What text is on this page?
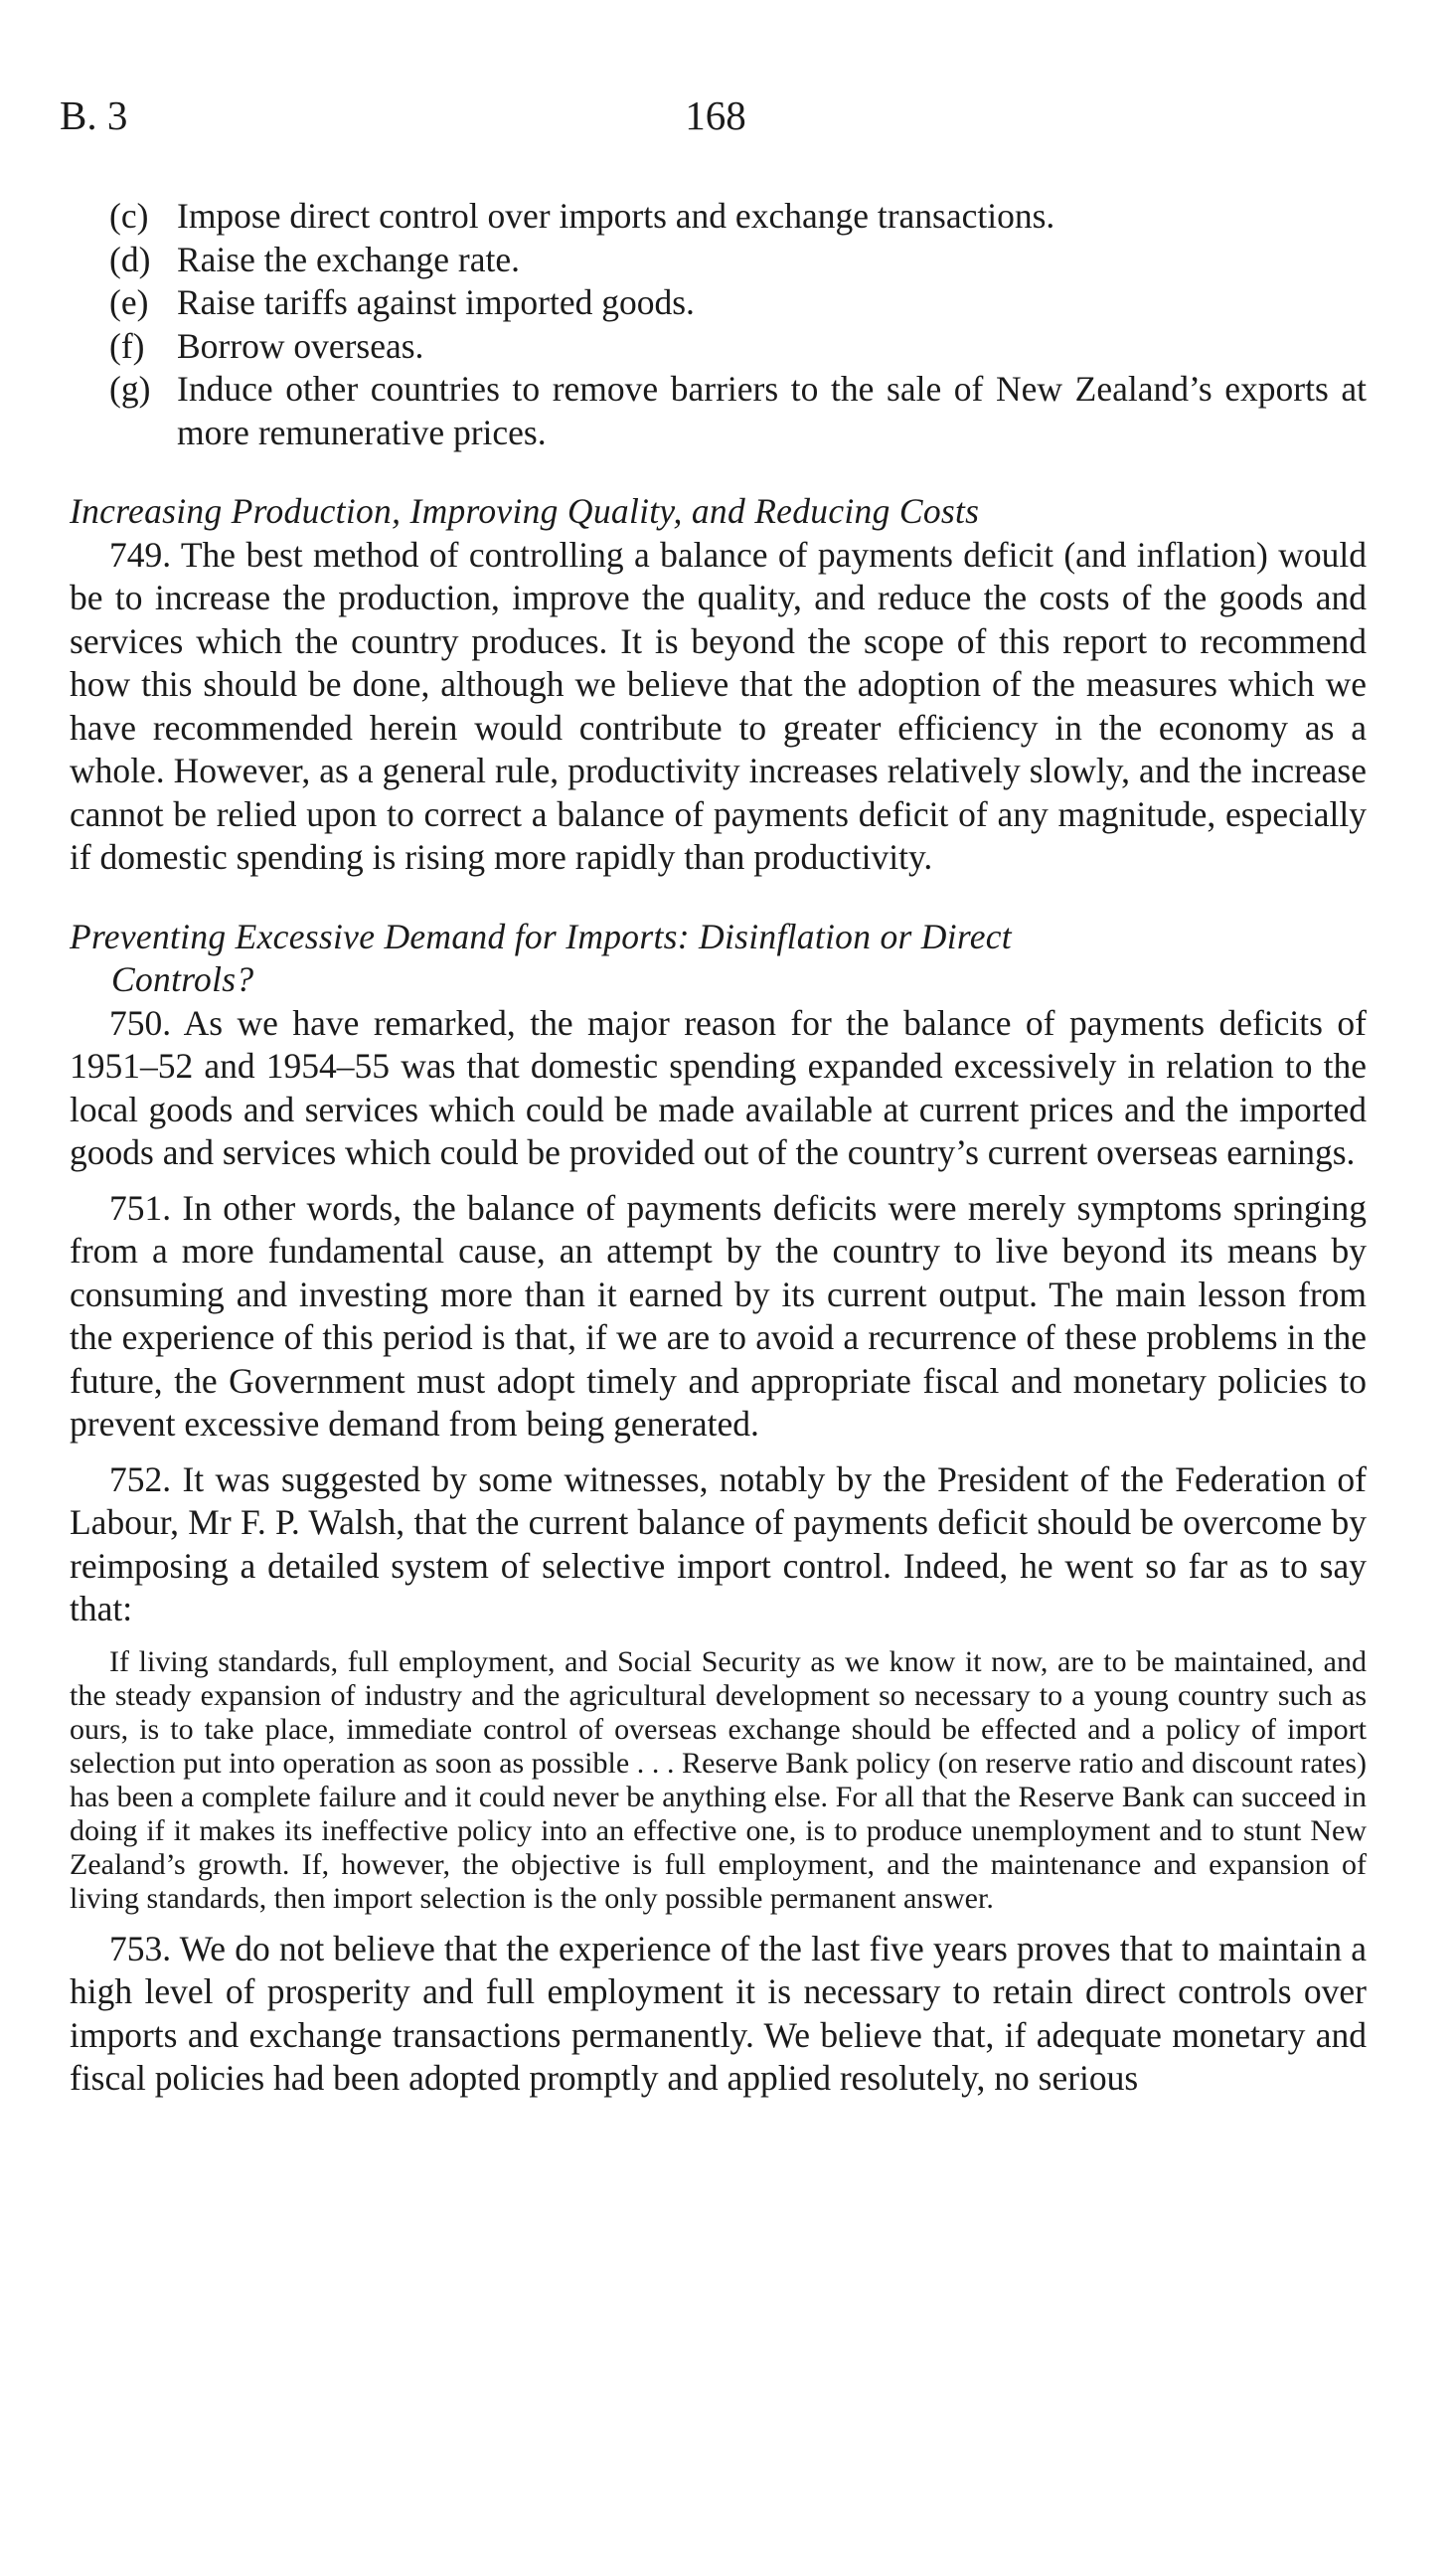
B. 3	168
(c) Impose direct control over imports and exchange transactions.
(d) Raise the exchange rate.
(e) Raise tariffs against imported goods.
(f) Borrow overseas.
(g) Induce other countries to remove barriers to the sale of New Zealand’s exports at more remunerative prices.
Increasing Production, Improving Quality, and Reducing Costs

749. The best method of controlling a balance of payments deficit (and inflation) would be to increase the production, improve the quality, and reduce the costs of the goods and services which the country produces. It is beyond the scope of this report to recommend how this should be done, although we believe that the adoption of the measures which we have recommended herein would contribute to greater efficiency in the economy as a whole. However, as a general rule, productivity increases relatively slowly, and the increase cannot be relied upon to correct a balance of payments deficit of any magnitude, especially if domestic spending is rising more rapidly than productivity.

Preventing Excessive Demand for Imports: Disinflation or Direct
Controls?

750. As we have remarked, the major reason for the balance of payments deficits of 1951–52 and 1954–55 was that domestic spending expanded excessively in relation to the local goods and services which could be made available at current prices and the imported goods and services which could be provided out of the country’s current overseas earnings.

751. In other words, the balance of payments deficits were merely symptoms springing from a more fundamental cause, an attempt by the country to live beyond its means by consuming and investing more than it earned by its current output. The main lesson from the experience of this period is that, if we are to avoid a recurrence of these problems in the future, the Government must adopt timely and appropriate fiscal and monetary policies to prevent excessive demand from being generated.

752. It was suggested by some witnesses, notably by the President of the Federation of Labour, Mr F. P. Walsh, that the current balance of payments deficit should be overcome by reimposing a detailed system of selective import control. Indeed, he went so far as to say that:

If living standards, full employment, and Social Security as we know it now, are to be maintained, and the steady expansion of industry and the agricultural development so necessary to a young country such as ours, is to take place, immediate control of overseas exchange should be effected and a policy of import selection put into operation as soon as possible . . . Reserve Bank policy (on reserve ratio and discount rates) has been a complete failure and it could never be anything else. For all that the Reserve Bank can succeed in doing if it makes its ineffective policy into an effective one, is to produce unemployment and to stunt New Zealand’s growth. If, however, the objective is full employment, and the maintenance and expansion of living standards, then import selection is the only possible permanent answer.

753. We do not believe that the experience of the last five years proves that to maintain a high level of prosperity and full employment it is necessary to retain direct controls over imports and exchange transactions permanently. We believe that, if adequate monetary and fiscal policies had been adopted promptly and applied resolutely, no serious
